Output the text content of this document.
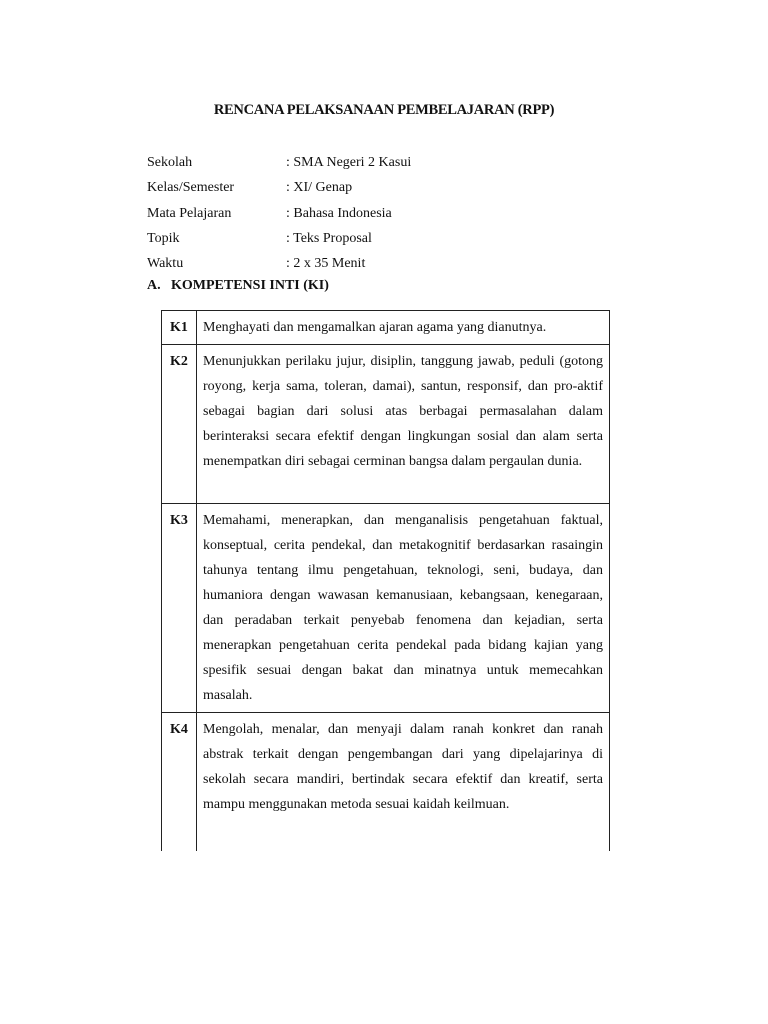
RENCANA PELAKSANAAN PEMBELAJARAN (RPP)
Sekolah	: SMA Negeri 2 Kasui
Kelas/Semester	: XI/ Genap
Mata Pelajaran	: Bahasa Indonesia
Topik	: Teks Proposal
Waktu	: 2 x 35 Menit
A. KOMPETENSI INTI (KI)
K1	Menghayati dan mengamalkan ajaran agama yang dianutnya.
K2	Menunjukkan perilaku jujur, disiplin, tanggung jawab, peduli (gotong royong, kerja sama, toleran, damai), santun, responsif, dan pro-aktif sebagai bagian dari solusi atas berbagai permasalahan dalam berinteraksi secara efektif dengan lingkungan sosial dan alam serta menempatkan diri sebagai cerminan bangsa dalam pergaulan dunia.
K3	Memahami, menerapkan, dan menganalisis pengetahuan faktual, konseptual, cerita pendekal, dan metakognitif berdasarkan rasaingin tahunya tentang ilmu pengetahuan, teknologi, seni, budaya, dan humaniora dengan wawasan kemanusiaan, kebangsaan, kenegaraan, dan peradaban terkait penyebab fenomena dan kejadian, serta menerapkan pengetahuan cerita pendekal pada bidang kajian yang spesifik sesuai dengan bakat dan minatnya untuk memecahkan masalah.
K4	Mengolah, menalar, dan menyaji dalam ranah konkret dan ranah abstrak terkait dengan pengembangan dari yang dipelajarinya di sekolah secara mandiri, bertindak secara efektif dan kreatif, serta mampu menggunakan metoda sesuai kaidah keilmuan.
